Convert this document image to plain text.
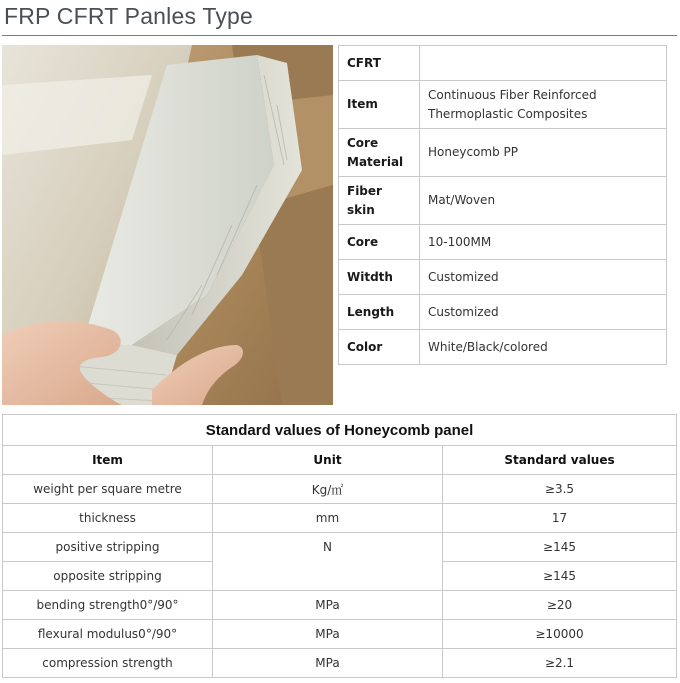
FRP CFRT Panles Type
CFRT	
Item	Continuous Fiber Reinforced Thermoplastic Composites
Core Material	Honeycomb PP
Fiber skin	Mat/Woven
Core	10-100MM
Witdth	Customized
Length	Customized
Color	White/Black/colored
Standard values of Honeycomb panel		
Item	Unit	Standard values
weight per square metre	Kg/㎡	≥3.5
thickness	mm	17
positive stripping	N	≥145
opposite stripping		≥145
bending strength0°/90°	MPa	≥20
flexural modulus0°/90°	MPa	≥10000
compression strength	MPa	≥2.1
